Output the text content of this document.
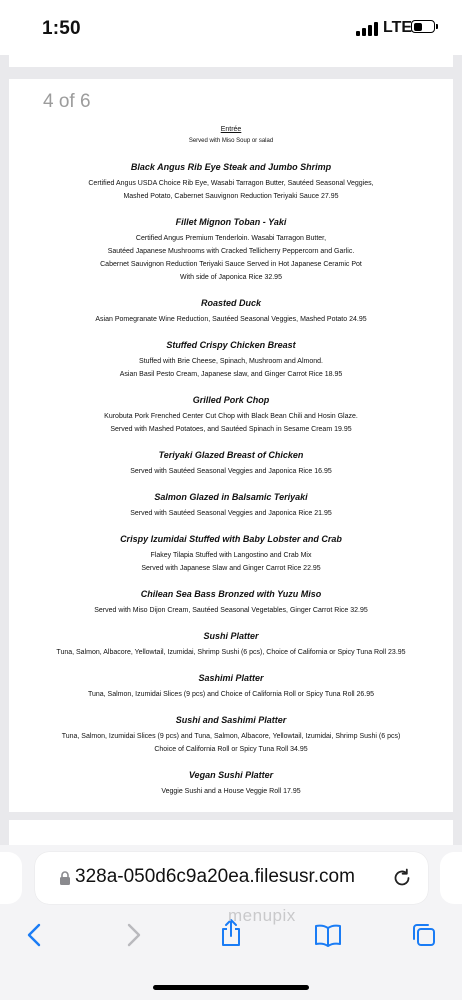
1:50	LTE
4 of 6
Entrée
Served with Miso Soup or salad
Black Angus Rib Eye Steak and Jumbo Shrimp
Certified Angus USDA Choice Rib Eye, Wasabi Tarragon Butter, Sautéed Seasonal Veggies,
Mashed Potato, Cabernet Sauvignon Reduction Teriyaki Sauce 27.95
Fillet Mignon Toban - Yaki
Certified Angus Premium Tenderloin. Wasabi Tarragon Butter,
Sautéed Japanese Mushrooms with Cracked Tellicherry Peppercorn and Garlic.
Cabernet Sauvignon Reduction Teriyaki Sauce Served in Hot Japanese Ceramic Pot
With side of Japonica Rice 32.95
Roasted Duck
Asian Pomegranate Wine Reduction, Sautéed Seasonal Veggies, Mashed Potato 24.95
Stuffed Crispy Chicken Breast
Stuffed with Brie Cheese, Spinach, Mushroom and Almond.
Asian Basil Pesto Cream, Japanese slaw, and Ginger Carrot Rice 18.95
Grilled Pork Chop
Kurobuta Pork Frenched Center Cut Chop with Black Bean Chili and Hosin Glaze.
Served with Mashed Potatoes, and Sautéed Spinach in Sesame Cream 19.95
Teriyaki Glazed Breast of Chicken
Served with Sautéed Seasonal Veggies and Japonica Rice 16.95
Salmon Glazed in Balsamic Teriyaki
Served with Sautéed Seasonal Veggies and Japonica Rice 21.95
Crispy Izumidai Stuffed with Baby Lobster and Crab
Flakey Tilapia Stuffed with Langostino and Crab Mix
Served with Japanese Slaw and Ginger Carrot Rice 22.95
Chilean Sea Bass Bronzed with Yuzu Miso
Served with Miso Dijon Cream, Sautéed Seasonal Vegetables, Ginger Carrot Rice 32.95
Sushi Platter
Tuna, Salmon, Albacore, Yellowtail, Izumidai, Shrimp Sushi (6 pcs), Choice of California or Spicy Tuna Roll 23.95
Sashimi Platter
Tuna, Salmon, Izumidai Slices (9 pcs) and Choice of California Roll or Spicy Tuna Roll 26.95
Sushi and Sashimi Platter
Tuna, Salmon, Izumidai Slices (9 pcs) and Tuna, Salmon, Albacore, Yellowtail, Izumidai, Shrimp Sushi (6 pcs)
Choice of California Roll or Spicy Tuna Roll 34.95
Vegan Sushi Platter
Veggie Sushi and a House Veggie Roll 17.95
328a-050d6c9a20ea.filesusr.com
menupix
